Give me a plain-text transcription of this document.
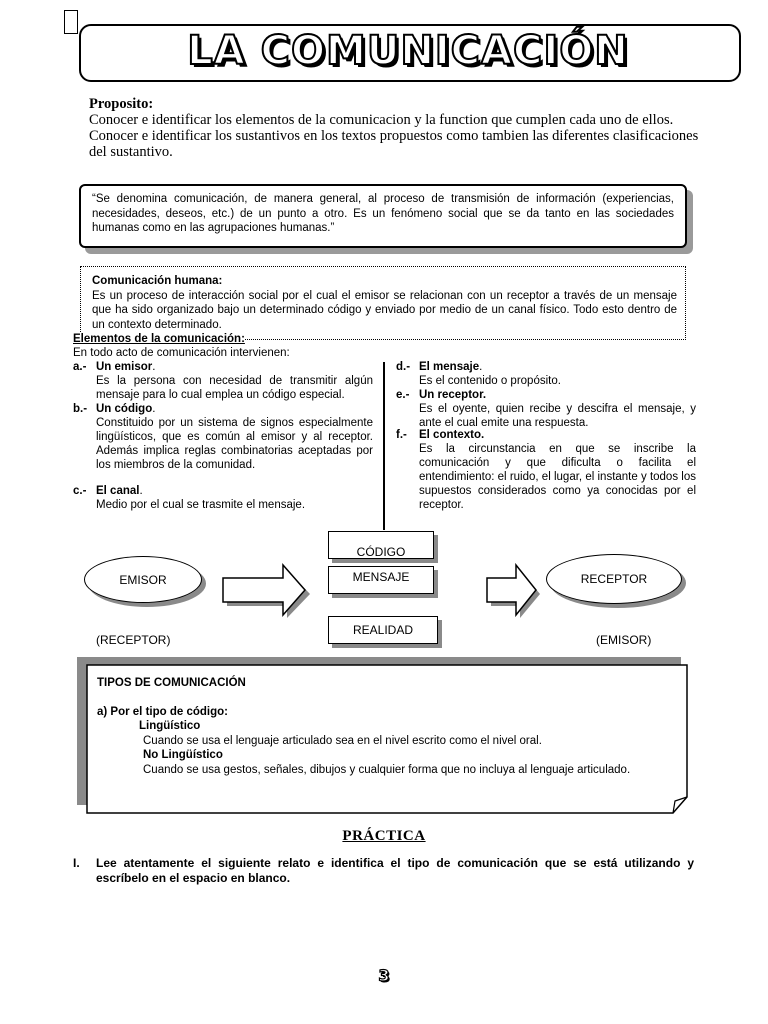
LA COMUNICACIÓN
Proposito:
Conocer e identificar los elementos de la comunicacion y la function que cumplen cada uno de ellos.
Conocer e identificar los sustantivos en los textos propuestos como tambien las diferentes clasificaciones del sustantivo.
“Se denomina comunicación, de manera general, al proceso de transmisión de información (experiencias, necesidades, deseos, etc.) de un punto a otro. Es un fenómeno social que se da tanto en las sociedades humanas como en las agrupaciones humanas.”
Comunicación humana:
Es un proceso de interacción social por el cual el emisor se relacionan con un receptor a través de un mensaje que ha sido organizado bajo un determinado código y enviado por medio de un canal físico. Todo esto dentro de un contexto determinado.
Elementos de la comunicación:
En todo acto de comunicación intervienen:
a.- Un emisor.
Es la persona con necesidad de transmitir algún mensaje para lo cual emplea un código especial.
b.- Un código.
Constituido por un sistema de signos especialmente lingüísticos, que es común al emisor y al receptor. Además implica reglas combinatorias aceptadas por los miembros de la comunidad.
c.- El canal.
Medio por el cual se trasmite el mensaje.
d.- El mensaje.
Es el contenido o propósito.
e.- Un receptor.
Es el oyente, quien recibe y descifra el mensaje, y ante el cual emite una respuesta.
f.-	El contexto.
Es la circunstancia en que se inscribe la comunicación y que dificulta o facilita el entendimiento: el ruido, el lugar, el instante y todos los supuestos considerados como ya conocidas por el receptor.
CÓDIGO
MENSAJE
REALIDAD
EMISOR	RECEPTOR
(RECEPTOR)	(EMISOR)
TIPOS DE COMUNICACIÓN
a) Por el tipo de código:
Lingüístico
Cuando se usa el lenguaje articulado sea en el nivel escrito como el nivel oral.
No Lingüístico
Cuando se usa gestos, señales, dibujos y cualquier forma que no incluya al lenguaje articulado.
PRÁCTICA
I. Lee atentamente el siguiente relato e identifica el tipo de comunicación que se está utilizando y escríbelo en el espacio en blanco.
3
